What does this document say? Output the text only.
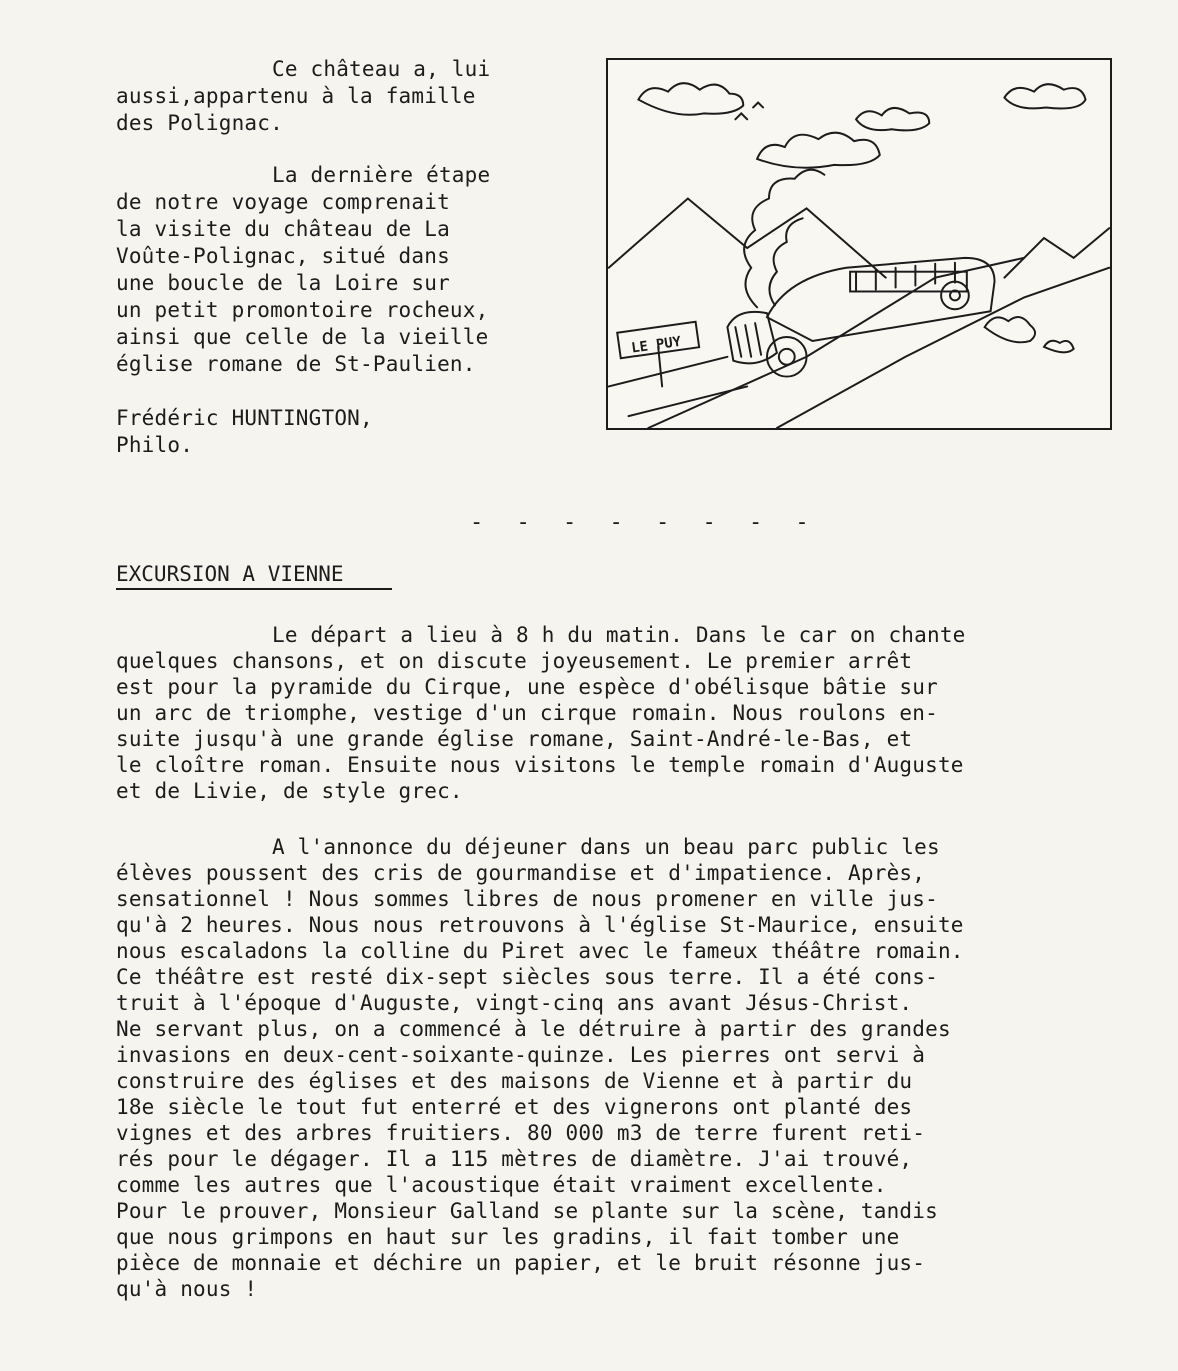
Ce château a, lui
aussi,appartenu à la famille
des Polignac.
La dernière étape
de notre voyage comprenait
la visite du château de La
Voûte-Polignac, situé dans
une boucle de la Loire sur
un petit promontoire rocheux,
ainsi que celle de la vieille
église romane de St-Paulien.
Frédéric HUNTINGTON,
Philo.
LE PUY
- - - - - - - -
EXCURSION A VIENNE
Le départ a lieu à 8 h du matin. Dans le car on chante
quelques chansons, et on discute joyeusement. Le premier arrêt
est pour la pyramide du Cirque, une espèce d'obélisque bâtie sur
un arc de triomphe, vestige d'un cirque romain. Nous roulons en-
suite jusqu'à une grande église romane, Saint-André-le-Bas, et
le cloître roman. Ensuite nous visitons le temple romain d'Auguste
et de Livie, de style grec.
A l'annonce du déjeuner dans un beau parc public les
élèves poussent des cris de gourmandise et d'impatience. Après,
sensationnel ! Nous sommes libres de nous promener en ville jus-
qu'à 2 heures. Nous nous retrouvons à l'église St-Maurice, ensuite
nous escaladons la colline du Piret avec le fameux théâtre romain.
Ce théâtre est resté dix-sept siècles sous terre. Il a été cons-
truit à l'époque d'Auguste, vingt-cinq ans avant Jésus-Christ.
Ne servant plus, on a commencé à le détruire à partir des grandes
invasions en deux-cent-soixante-quinze. Les pierres ont servi à
construire des églises et des maisons de Vienne et à partir du
18e siècle le tout fut enterré et des vignerons ont planté des
vignes et des arbres fruitiers. 80 000 m3 de terre furent reti-
rés pour le dégager. Il a 115 mètres de diamètre. J'ai trouvé,
comme les autres que l'acoustique était vraiment excellente.
Pour le prouver, Monsieur Galland se plante sur la scène, tandis
que nous grimpons en haut sur les gradins, il fait tomber une
pièce de monnaie et déchire un papier, et le bruit résonne jus-
qu'à nous !
